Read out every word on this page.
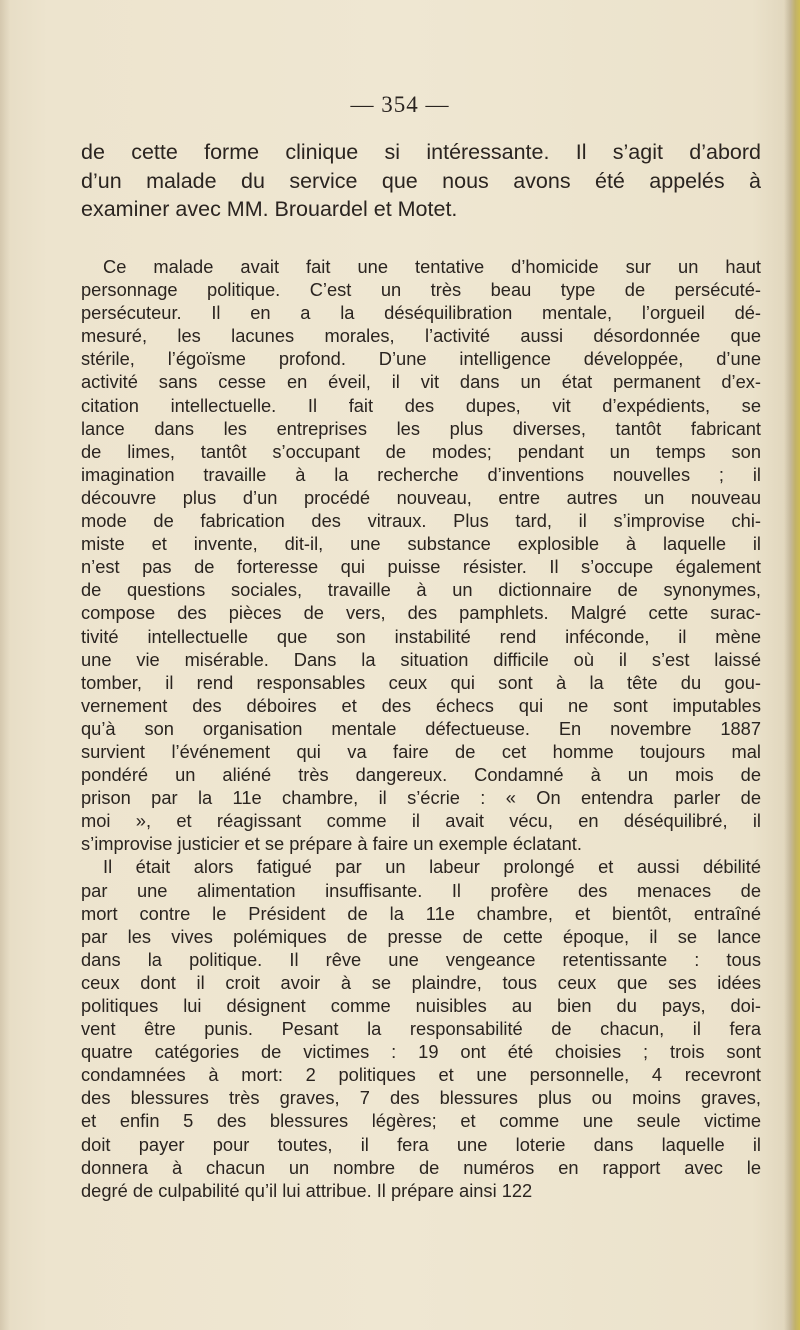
— 354 —
de cette forme clinique si intéressante. Il s’agit d’abord
d’un malade du service que nous avons été appelés à
examiner avec MM. Brouardel et Motet.
Ce malade avait fait une tentative d’homicide sur un haut
personnage politique. C’est un très beau type de persécuté-
persécuteur. Il en a la déséquilibration mentale, l’orgueil dé-
mesuré, les lacunes morales, l’activité aussi désordonnée que
stérile, l’égoïsme profond. D’une intelligence développée, d’une
activité sans cesse en éveil, il vit dans un état permanent d’ex-
citation intellectuelle. Il fait des dupes, vit d’expédients, se
lance dans les entreprises les plus diverses, tantôt fabricant
de limes, tantôt s’occupant de modes; pendant un temps son
imagination travaille à la recherche d’inventions nouvelles ; il
découvre plus d’un procédé nouveau, entre autres un nouveau
mode de fabrication des vitraux. Plus tard, il s’improvise chi-
miste et invente, dit-il, une substance explosible à laquelle il
n’est pas de forteresse qui puisse résister. Il s’occupe également
de questions sociales, travaille à un dictionnaire de synonymes,
compose des pièces de vers, des pamphlets. Malgré cette surac-
tivité intellectuelle que son instabilité rend inféconde, il mène
une vie misérable. Dans la situation difficile où il s’est laissé
tomber, il rend responsables ceux qui sont à la tête du gou-
vernement des déboires et des échecs qui ne sont imputables
qu’à son organisation mentale défectueuse. En novembre 1887
survient l’événement qui va faire de cet homme toujours mal
pondéré un aliéné très dangereux. Condamné à un mois de
prison par la 11e chambre, il s’écrie : « On entendra parler de
moi », et réagissant comme il avait vécu, en déséquilibré, il
s’improvise justicier et se prépare à faire un exemple éclatant.
Il était alors fatigué par un labeur prolongé et aussi débilité
par une alimentation insuffisante. Il profère des menaces de
mort contre le Président de la 11e chambre, et bientôt, entraîné
par les vives polémiques de presse de cette époque, il se lance
dans la politique. Il rêve une vengeance retentissante : tous
ceux dont il croit avoir à se plaindre, tous ceux que ses idées
politiques lui désignent comme nuisibles au bien du pays, doi-
vent être punis. Pesant la responsabilité de chacun, il fera
quatre catégories de victimes : 19 ont été choisies ; trois sont
condamnées à mort: 2 politiques et une personnelle, 4 recevront
des blessures très graves, 7 des blessures plus ou moins graves,
et enfin 5 des blessures légères; et comme une seule victime
doit payer pour toutes, il fera une loterie dans laquelle il
donnera à chacun un nombre de numéros en rapport avec le
degré de culpabilité qu’il lui attribue. Il prépare ainsi 122
